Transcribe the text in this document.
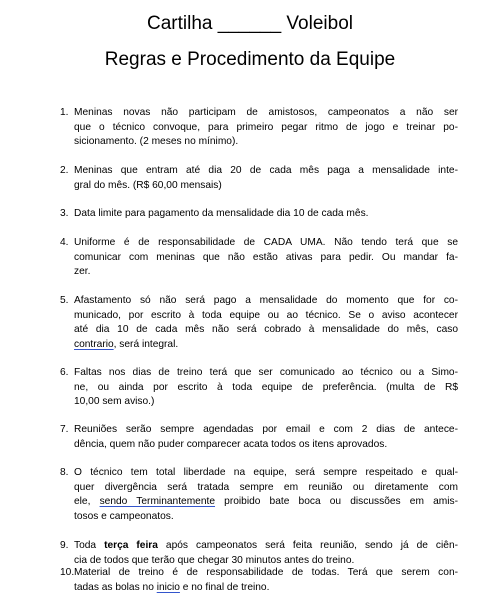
Cartilha ______ Voleibol
Regras e Procedimento da Equipe
1. Meninas novas não participam de amistosos, campeonatos a não ser
que o técnico convoque, para primeiro pegar ritmo de jogo e treinar po-
sicionamento. (2 meses no mínimo).
2. Meninas que entram até dia 20 de cada mês paga a mensalidade inte-
gral do mês. (R$ 60,00 mensais)
3. Data limite para pagamento da mensalidade dia 10 de cada mês.
4. Uniforme é de responsabilidade de CADA UMA. Não tendo terá que se
comunicar com meninas que não estão ativas para pedir. Ou mandar fa-
zer.
5. Afastamento só não será pago a mensalidade do momento que for co-
municado, por escrito à toda equipe ou ao técnico. Se o aviso acontecer
até dia 10 de cada mês não será cobrado à mensalidade do mês, caso
contrario, será integral.
6. Faltas nos dias de treino terá que ser comunicado ao técnico ou a Simo-
ne, ou ainda por escrito à toda equipe de preferência. (multa de R$
10,00 sem aviso.)
7. Reuniões serão sempre agendadas por email e com 2 dias de antece-
dência, quem não puder comparecer acata todos os itens aprovados.
8. O técnico tem total liberdade na equipe, será sempre respeitado e qual-
quer divergência será tratada sempre em reunião ou diretamente com
ele, sendo Terminantemente proibido bate boca ou discussões em amis-
tosos e campeonatos.
9. Toda terça feira após campeonatos será feita reunião, sendo já de ciên-
cia de todos que terão que chegar 30 minutos antes do treino.
10. Material de treino é de responsabilidade de todas. Terá que serem con-
tadas as bolas no inicio e no final de treino.
